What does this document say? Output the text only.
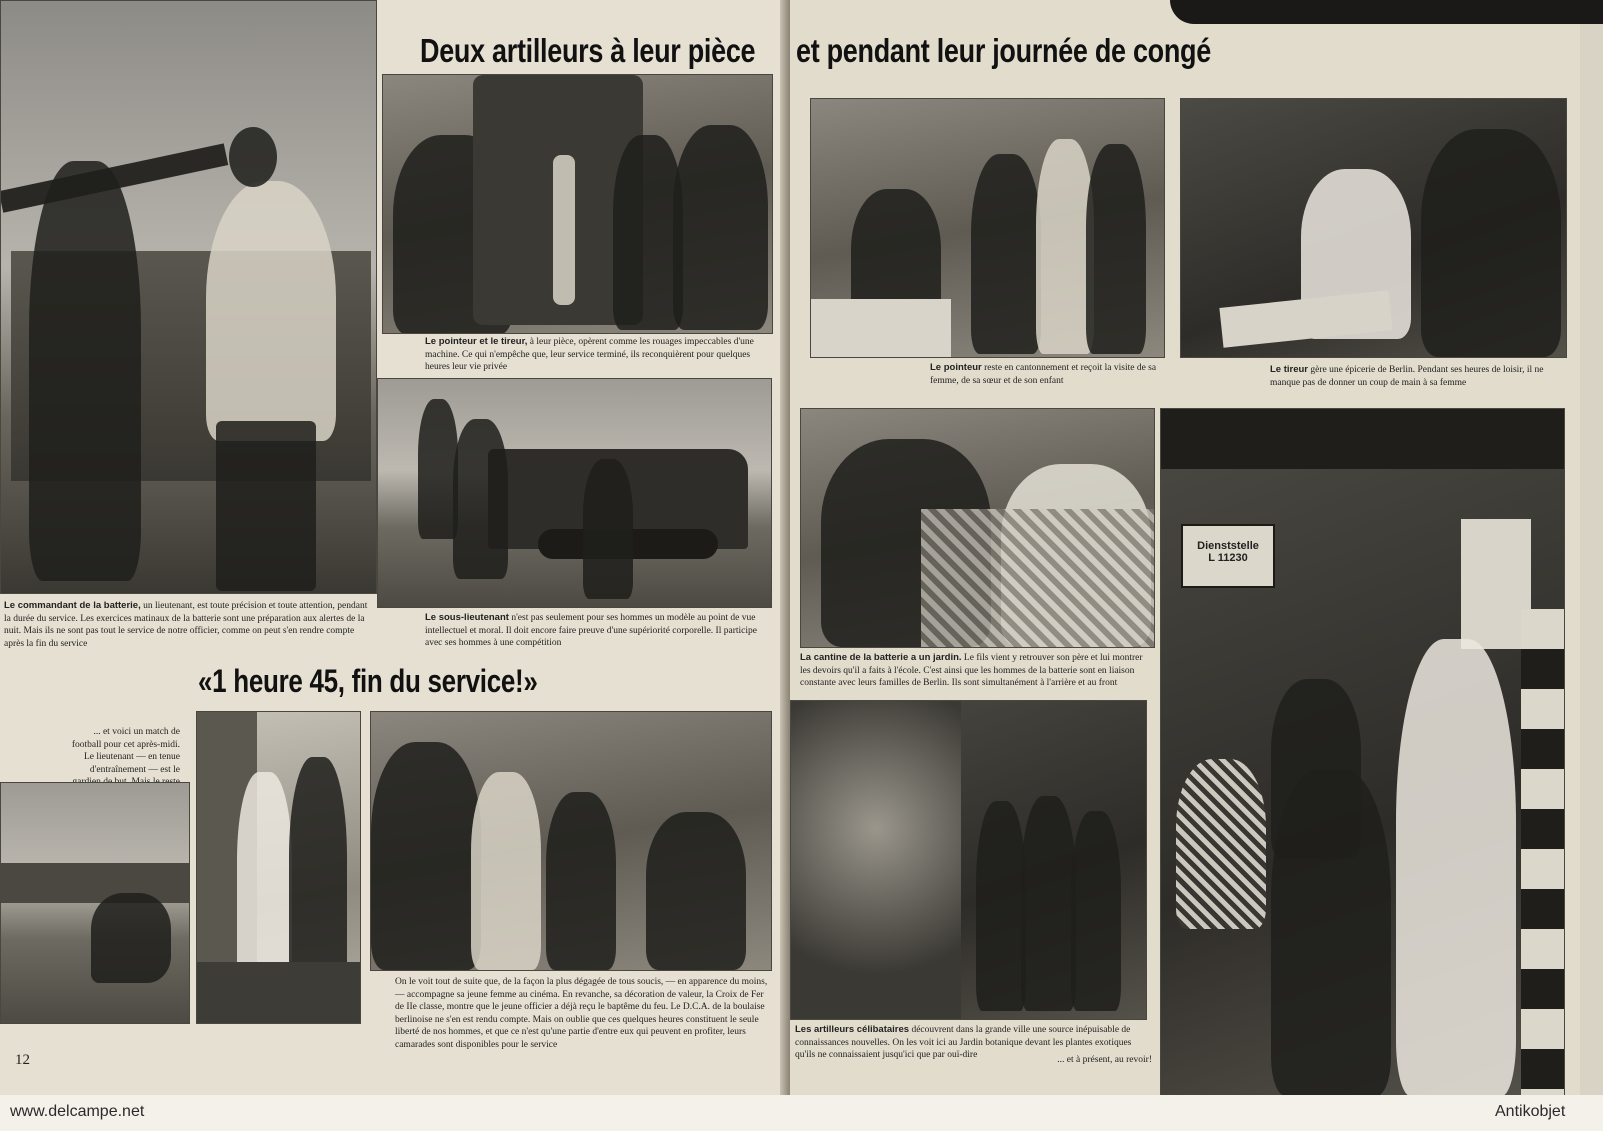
Le commandant de la batterie, un lieutenant, est toute précision et toute attention, pendant la durée du service. Les exercices matinaux de la batterie sont une préparation aux alertes de la nuit. Mais ils ne sont pas tout le service de notre officier, comme on peut s'en rendre compte après la fin du service

Deux artilleurs à leur pièce

Le pointeur et le tireur, à leur pièce, opèrent comme les rouages impeccables d'une machine. Ce qui n'empêche que, leur service terminé, ils reconquièrent pour quelques heures leur vie privée

Le sous-lieutenant n'est pas seulement pour ses hommes un modèle au point de vue intellectuel et moral. Il doit encore faire preuve d'une supériorité corporelle. Il participe avec ses hommes à une compétition

«1 heure 45, fin du service!»

... et voici un match de football pour cet après-midi. Le lieutenant — en tenue d'entraînement — est le

On le voit tout de suite que, de la façon la plus dégagée de tous soucis, — en apparence du moins, — accompagne sa jeune femme au cinéma. En revanche, sa décoration de valeur, la Croix de Fer de IIe classe, montre que le jeune officier a déjà reçu le baptême du feu. Le D.C.A. de la boulaise berlinoise ne s'en est rendu compte. Mais on oublie que ces quelques heures constituent le seule liberté de nos hommes, et que ce n'est qu'une partie d'entre eux qui peuvent en profiter, leurs camarades sont disponibles pour le service

12
et pendant leur journée de congé

Le pointeur reste en cantonnement et reçoit la visite de sa femme, de sa sœur et de son enfant

Le tireur gère une épicerie de Berlin. Pendant ses heures de loisir, il ne manque pas de donner un coup de main à sa femme

La cantine de la batterie a un jardin. Le fils vient y retrouver son père et lui montrer les devoirs qu'il a faits à l'école. C'est ainsi que les hommes de la batterie sont en liaison constante avec leurs familles de Berlin. Ils sont simultanément à l'arrière et au front

Les artilleurs célibataires découvrent dans la grande ville une source inépuisable de connaissances nouvelles. On les voit ici au Jardin botanique devant les plantes exotiques qu'ils ne connaissaient jusqu'ici que par ouï-dire

Dienststelle
L 11230

... et à présent, au revoir!

www.delcampe.net	Antikobjet
